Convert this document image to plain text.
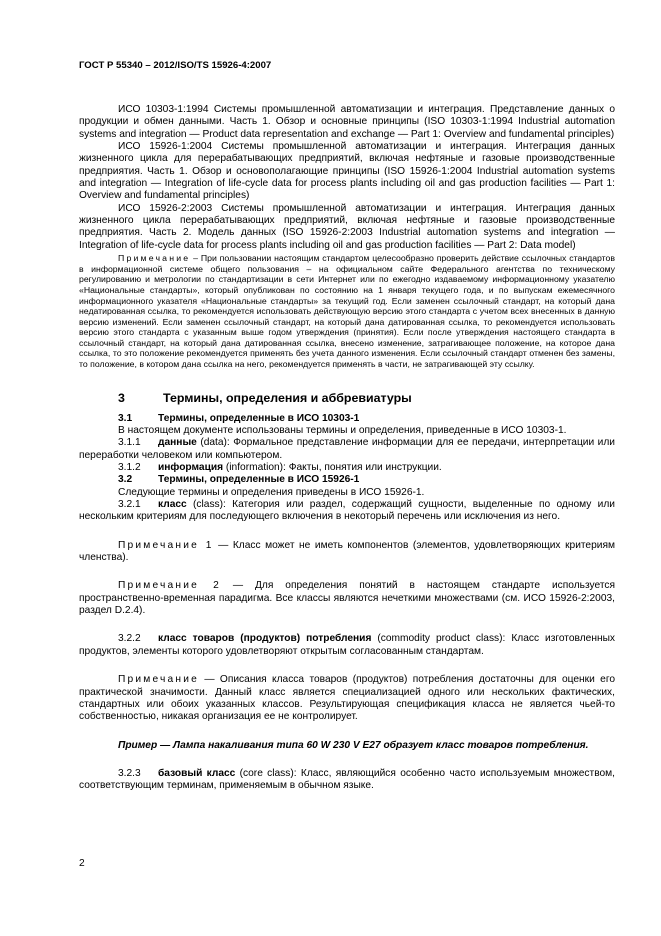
ГОСТ Р 55340 – 2012/ISO/TS 15926-4:2007

ИСО 10303-1:1994 Системы промышленной автоматизации и интеграция. Представление данных о продукции и обмен данными. Часть 1. Обзор и основные принципы (ISO 10303-1:1994 Industrial automation systems and integration — Product data representation and exchange — Part 1: Overview and fundamental principles)

ИСО 15926-1:2004 Системы промышленной автоматизации и интеграция. Интеграция данных жизненного цикла для перерабатывающих предприятий, включая нефтяные и газовые производственные предприятия. Часть 1. Обзор и основополагающие принципы (ISO 15926-1:2004 Industrial automation systems and integration — Integration of life-cycle data for process plants including oil and gas production facilities — Part 1: Overview and fundamental principles)

ИСО 15926-2:2003 Системы промышленной автоматизации и интеграция. Интеграция данных жизненного цикла перерабатывающих предприятий, включая нефтяные и газовые производственные предприятия. Часть 2. Модель данных (ISO 15926-2:2003 Industrial automation systems and integration — Integration of life-cycle data for process plants including oil and gas production facilities — Part 2: Data model)

Примечание – При пользовании настоящим стандартом целесообразно проверить действие ссылочных стандартов в информационной системе общего пользования – на официальном сайте Федерального агентства по техническому регулированию и метрологии по стандартизации в сети Интернет или по ежегодно издаваемому информационному указателю «Национальные стандарты», который опубликован по состоянию на 1 января текущего года, и по выпускам ежемесячного информационного указателя «Национальные стандарты» за текущий год. Если заменен ссылочный стандарт, на который дана недатированная ссылка, то рекомендуется использовать действующую версию этого стандарта с учетом всех внесенных в данную версию изменений. Если заменен ссылочный стандарт, на который дана датированная ссылка, то рекомендуется использовать версию этого стандарта с указанным выше годом утверждения (принятия). Если после утверждения настоящего стандарта в ссылочный стандарт, на который дана датированная ссылка, внесено изменение, затрагивающее положение, на которое дана ссылка, то это положение рекомендуется применять без учета данного изменения. Если ссылочный стандарт отменен без замены, то положение, в котором дана ссылка на него, рекомендуется применять в части, не затрагивающей эту ссылку.

3	Термины, определения и аббревиатуры
3.1	Термины, определенные в ИСО 10303-1

В настоящем документе использованы термины и определения, приведенные в ИСО 10303-1.

3.1.1 данные (data): Формальное представление информации для ее передачи, интерпретации или переработки человеком или компьютером.

3.1.2 информация (information): Факты, понятия или инструкции.

3.2	Термины, определенные в ИСО 15926-1

Следующие термины и определения приведены в ИСО 15926-1.

3.2.1 класс (class): Категория или раздел, содержащий сущности, выделенные по одному или нескольким критериям для последующего включения в некоторый перечень или исключения из него.

Примечание 1 — Класс может не иметь компонентов (элементов, удовлетворяющих критериям членства).

Примечание 2 — Для определения понятий в настоящем стандарте используется пространственно-временная парадигма. Все классы являются нечеткими множествами (см. ИСО 15926-2:2003, раздел D.2.4).

3.2.2 класс товаров (продуктов) потребления (commodity product class): Класс изготовленных продуктов, элементы которого удовлетворяют открытым согласованным стандартам.

Примечание — Описания класса товаров (продуктов) потребления достаточны для оценки его практической значимости. Данный класс является специализацией одного или нескольких фактических, стандартных или обоих указанных классов. Результирующая спецификация класса не является чьей-то собственностью, никакая организация ее не контролирует.

Пример — Лампа накаливания типа 60 W 230 V E27 образует класс товаров потребления.

3.2.3 базовый класс (core class): Класс, являющийся особенно часто используемым множеством, соответствующим терминам, применяемым в обычном языке.

2
